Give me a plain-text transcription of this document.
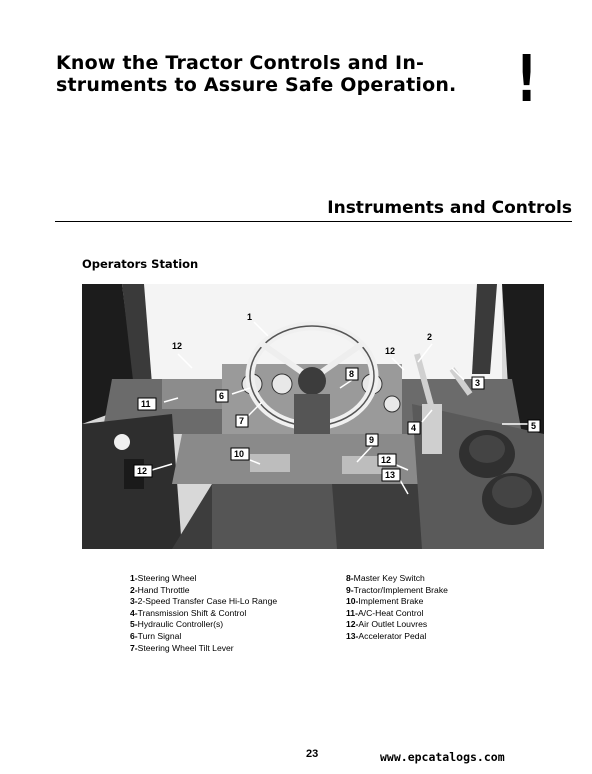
Know the Tractor Controls and In-
struments to Assure Safe Operation. !
Instruments and Controls
Operators Station
1
2
3
4	5
6
7
8
9
10
11
12	12
12
12
13
1-Steering Wheel
2-Hand Throttle
3-2-Speed Transfer Case Hi-Lo Range
4-Transmission Shift & Control
5-Hydraulic Controller(s)
6-Turn Signal
7-Steering Wheel Tilt Lever
8-Master Key Switch
9-Tractor/Implement Brake
10-Implement Brake
11-A/C-Heat Control
12-Air Outlet Louvres
13-Accelerator Pedal
23	www.epcatalogs.com
